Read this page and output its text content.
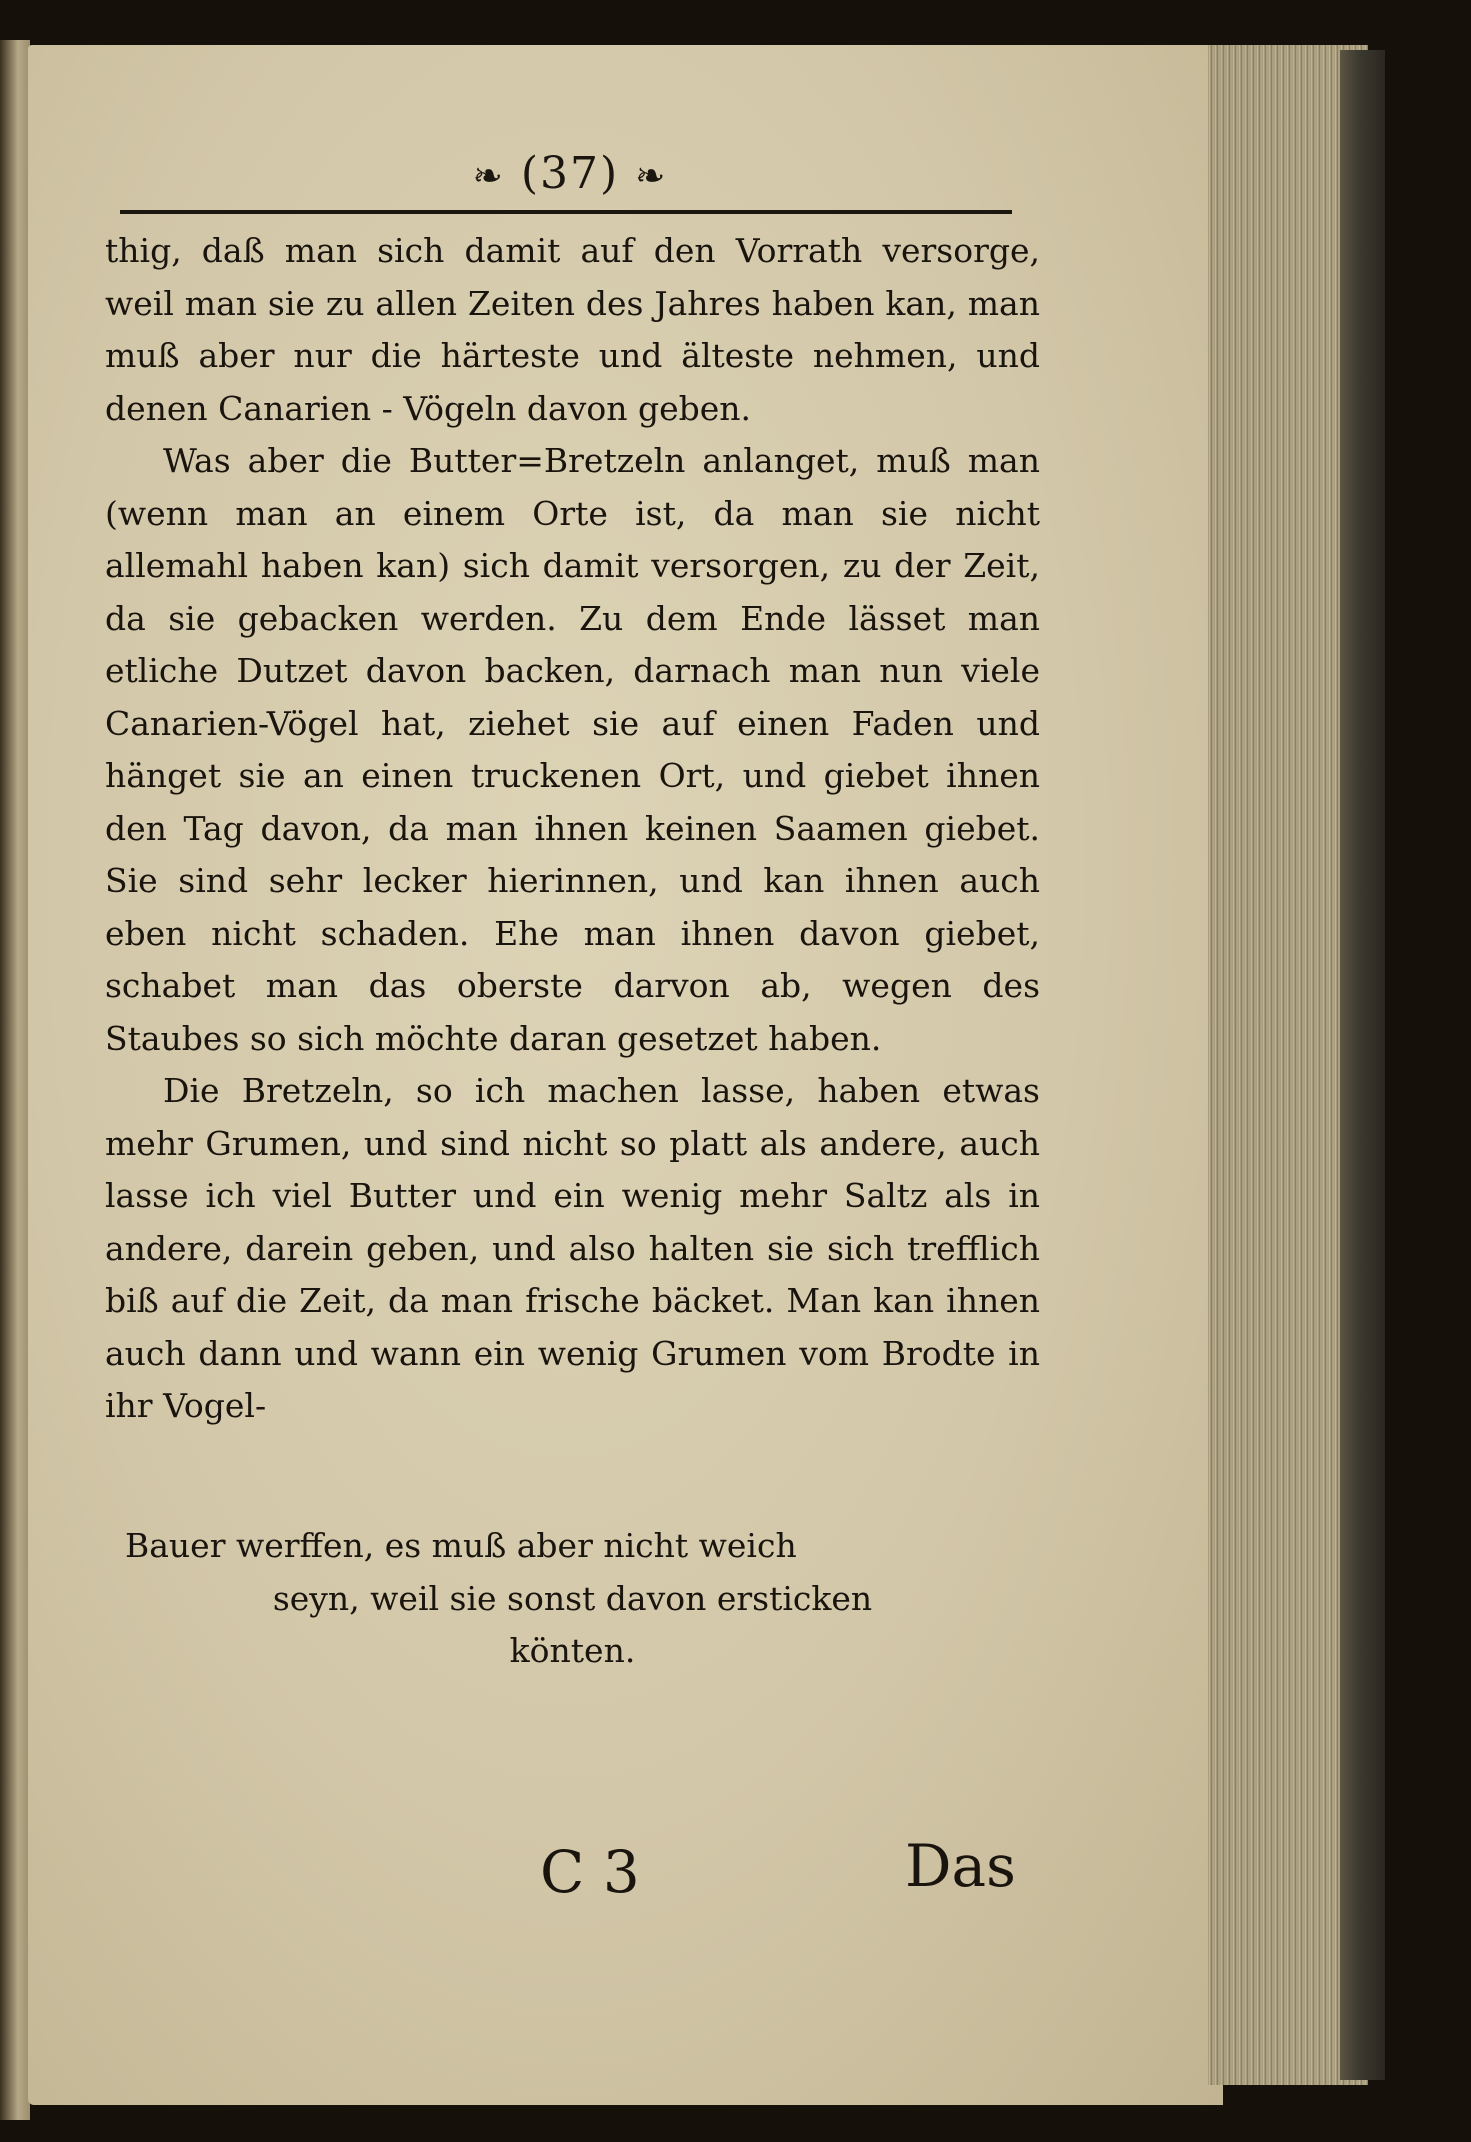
❧ (37) ❧

thig, daß man sich damit auf den Vorrath versorge, weil man sie zu allen Zeiten des Jahres haben kan, man muß aber nur die härteste und älteste nehmen, und denen Canarien - Vögeln davon geben.

Was aber die Butter=Bretzeln anlanget, muß man (wenn man an einem Orte ist, da man sie nicht allemahl haben kan) sich damit versorgen, zu der Zeit, da sie gebacken werden. Zu dem Ende lässet man etliche Dutzet davon backen, darnach man nun viele Canarien-Vögel hat, ziehet sie auf einen Faden und hänget sie an einen truckenen Ort, und giebet ihnen den Tag davon, da man ihnen keinen Saamen giebet. Sie sind sehr lecker hierinnen, und kan ihnen auch eben nicht schaden. Ehe man ihnen davon giebet, schabet man das oberste darvon ab, wegen des Staubes so sich möchte daran gesetzet haben.

Die Bretzeln, so ich machen lasse, haben etwas mehr Grumen, und sind nicht so platt als andere, auch lasse ich viel Butter und ein wenig mehr Saltz als in andere, darein geben, und also halten sie sich trefflich biß auf die Zeit, da man frische bäcket. Man kan ihnen auch dann und wann ein wenig Grumen vom Brodte in ihr Vogel-

Bauer werffen, es muß aber nicht weich
seyn, weil sie sonst davon ersticken
könten.
C 3	Das
